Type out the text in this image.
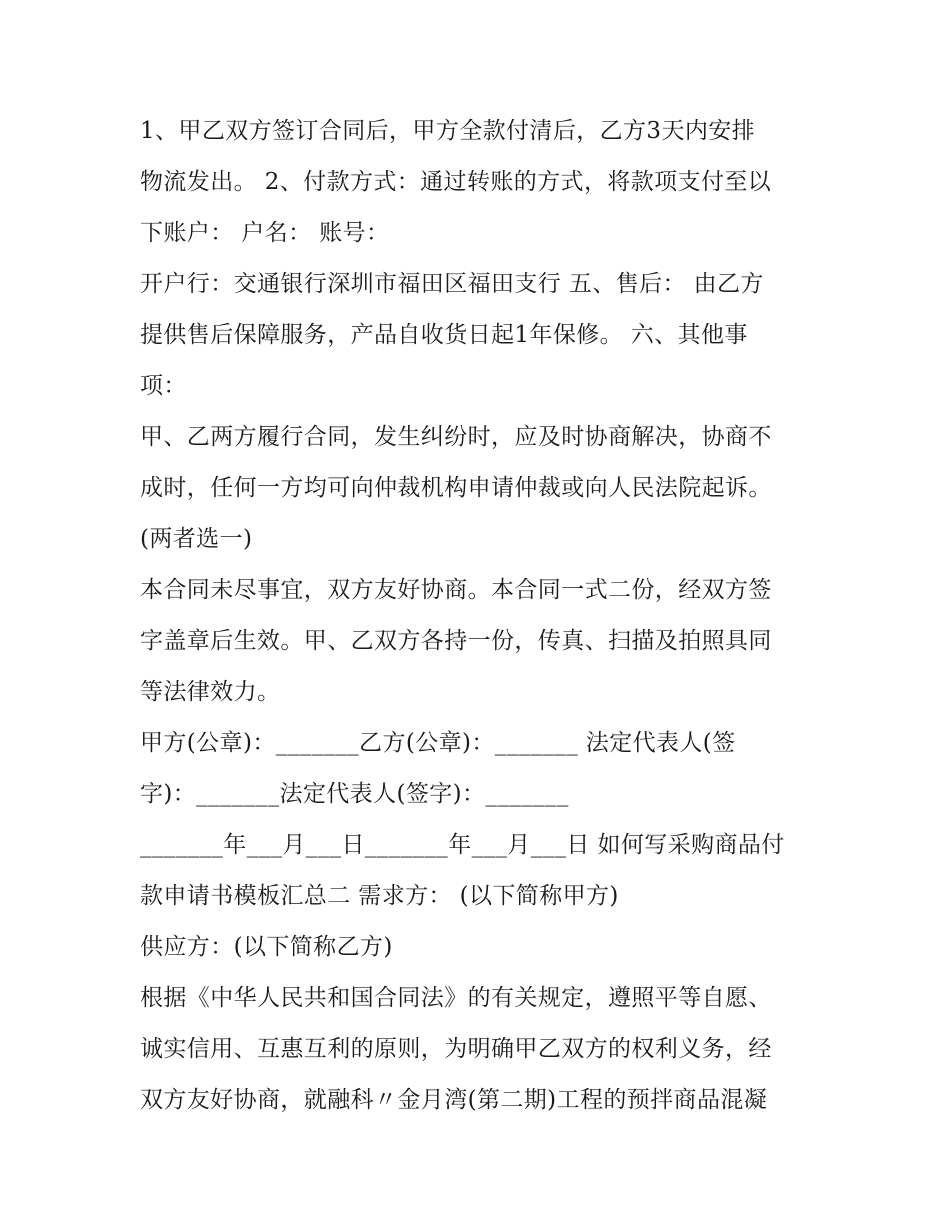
1、甲乙双方签订合同后，甲方全款付清后，乙方3天内安排
物流发出。 2、付款方式：通过转账的方式，将款项支付至以
下账户： 户名： 账号：
开户行：交通银行深圳市福田区福田支行 五、售后： 由乙方
提供售后保障服务，产品自收货日起1年保修。 六、其他事
项：
甲、乙两方履行合同，发生纠纷时，应及时协商解决，协商不
成时，任何一方均可向仲裁机构申请仲裁或向人民法院起诉。
(两者选一)
本合同未尽事宜，双方友好协商。本合同一式二份，经双方签
字盖章后生效。甲、乙双方各持一份，传真、扫描及拍照具同
等法律效力。
甲方(公章)：_______乙方(公章)：_______ 法定代表人(签
字)：_______法定代表人(签字)：_______
_______年___月___日_______年___月___日 如何写采购商品付
款申请书模板汇总二 需求方： (以下简称甲方)
供应方：(以下简称乙方)
根据《中华人民共和国合同法》的有关规定，遵照平等自愿、
诚实信用、互惠互利的原则，为明确甲乙双方的权利义务，经
双方友好协商，就融科〃金月湾(第二期)工程的预拌商品混凝
